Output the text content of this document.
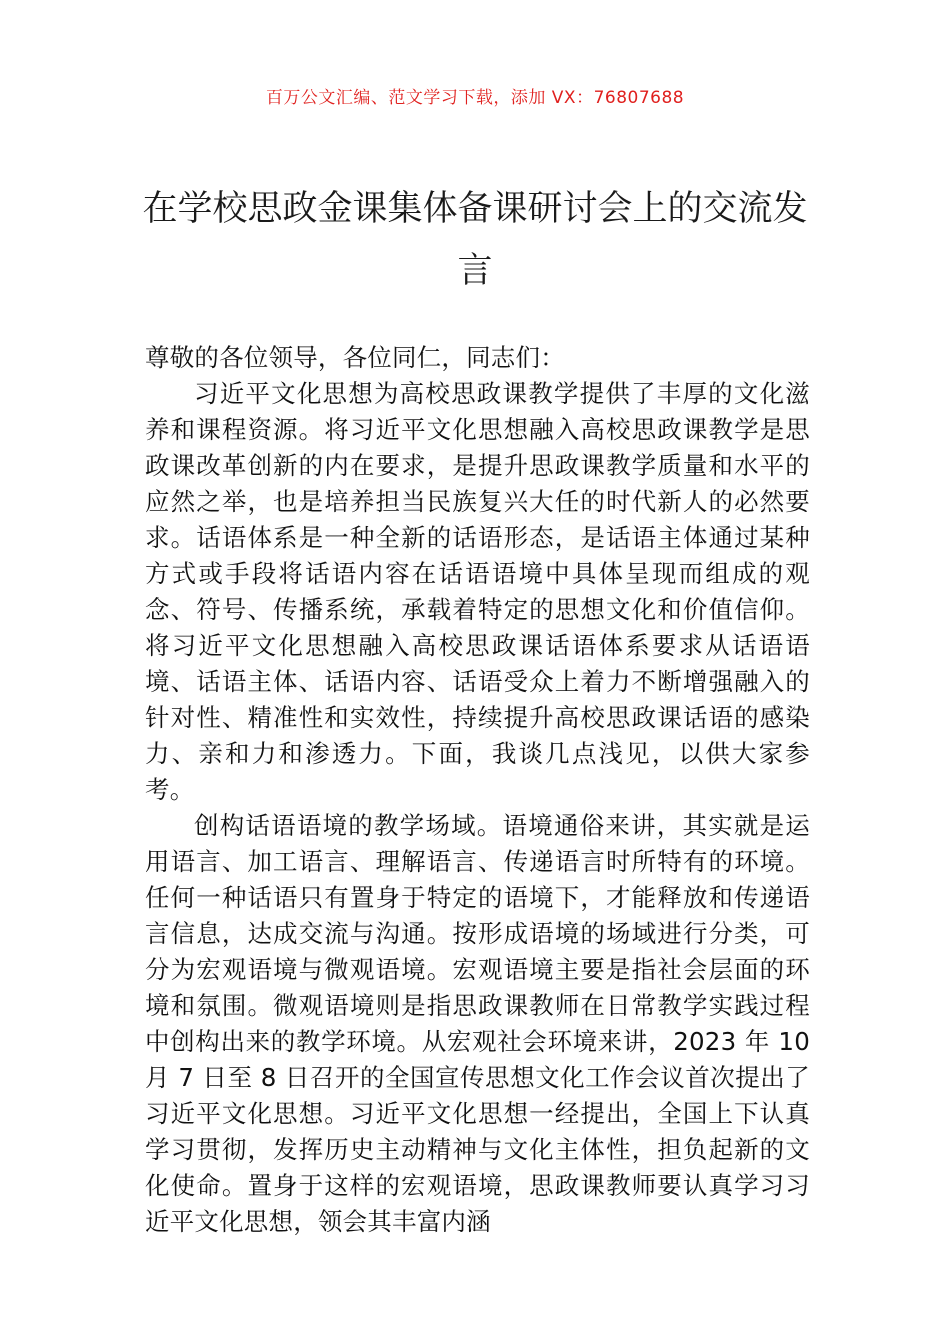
百万公文汇编、范文学习下载，添加 VX：76807688
在学校思政金课集体备课研讨会上的交流发言

尊敬的各位领导，各位同仁，同志们：

习近平文化思想为高校思政课教学提供了丰厚的文化滋养和课程资源。将习近平文化思想融入高校思政课教学是思政课改革创新的内在要求，是提升思政课教学质量和水平的应然之举，也是培养担当民族复兴大任的时代新人的必然要求。话语体系是一种全新的话语形态，是话语主体通过某种方式或手段将话语内容在话语语境中具体呈现而组成的观念、符号、传播系统，承载着特定的思想文化和价值信仰。将习近平文化思想融入高校思政课话语体系要求从话语语境、话语主体、话语内容、话语受众上着力不断增强融入的针对性、精准性和实效性，持续提升高校思政课话语的感染力、亲和力和渗透力。下面，我谈几点浅见，以供大家参考。

创构话语语境的教学场域。语境通俗来讲，其实就是运用语言、加工语言、理解语言、传递语言时所特有的环境。任何一种话语只有置身于特定的语境下，才能释放和传递语言信息，达成交流与沟通。按形成语境的场域进行分类，可分为宏观语境与微观语境。宏观语境主要是指社会层面的环境和氛围。微观语境则是指思政课教师在日常教学实践过程中创构出来的教学环境。从宏观社会环境来讲，2023 年 10 月 7 日至 8 日召开的全国宣传思想文化工作会议首次提出了习近平文化思想。习近平文化思想一经提出，全国上下认真学习贯彻，发挥历史主动精神与文化主体性，担负起新的文化使命。置身于这样的宏观语境，思政课教师要认真学习习近平文化思想，领会其丰富内涵
